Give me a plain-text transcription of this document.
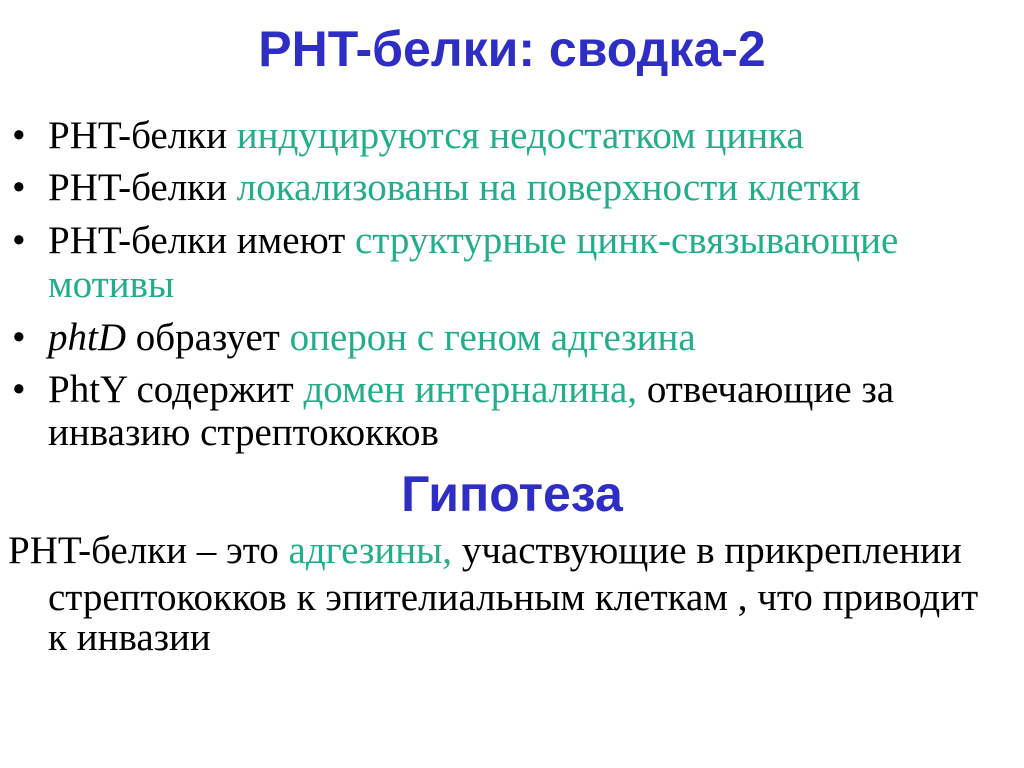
PHT-белки: сводка-2
• PHT-белки индуцируются недостатком цинка
• PHT-белки локализованы на поверхности клетки
• PHT-белки имеют структурные цинк-связывающие
мотивы
• phtD образует оперон с геном адгезина
• PhtY содержит домен интерналина, отвечающие за
инвазию стрептококков
Гипотеза
PHT-белки – это адгезины, участвующие в прикреплении
стрептококков к эпителиальным клеткам , что приводит
к инвазии
